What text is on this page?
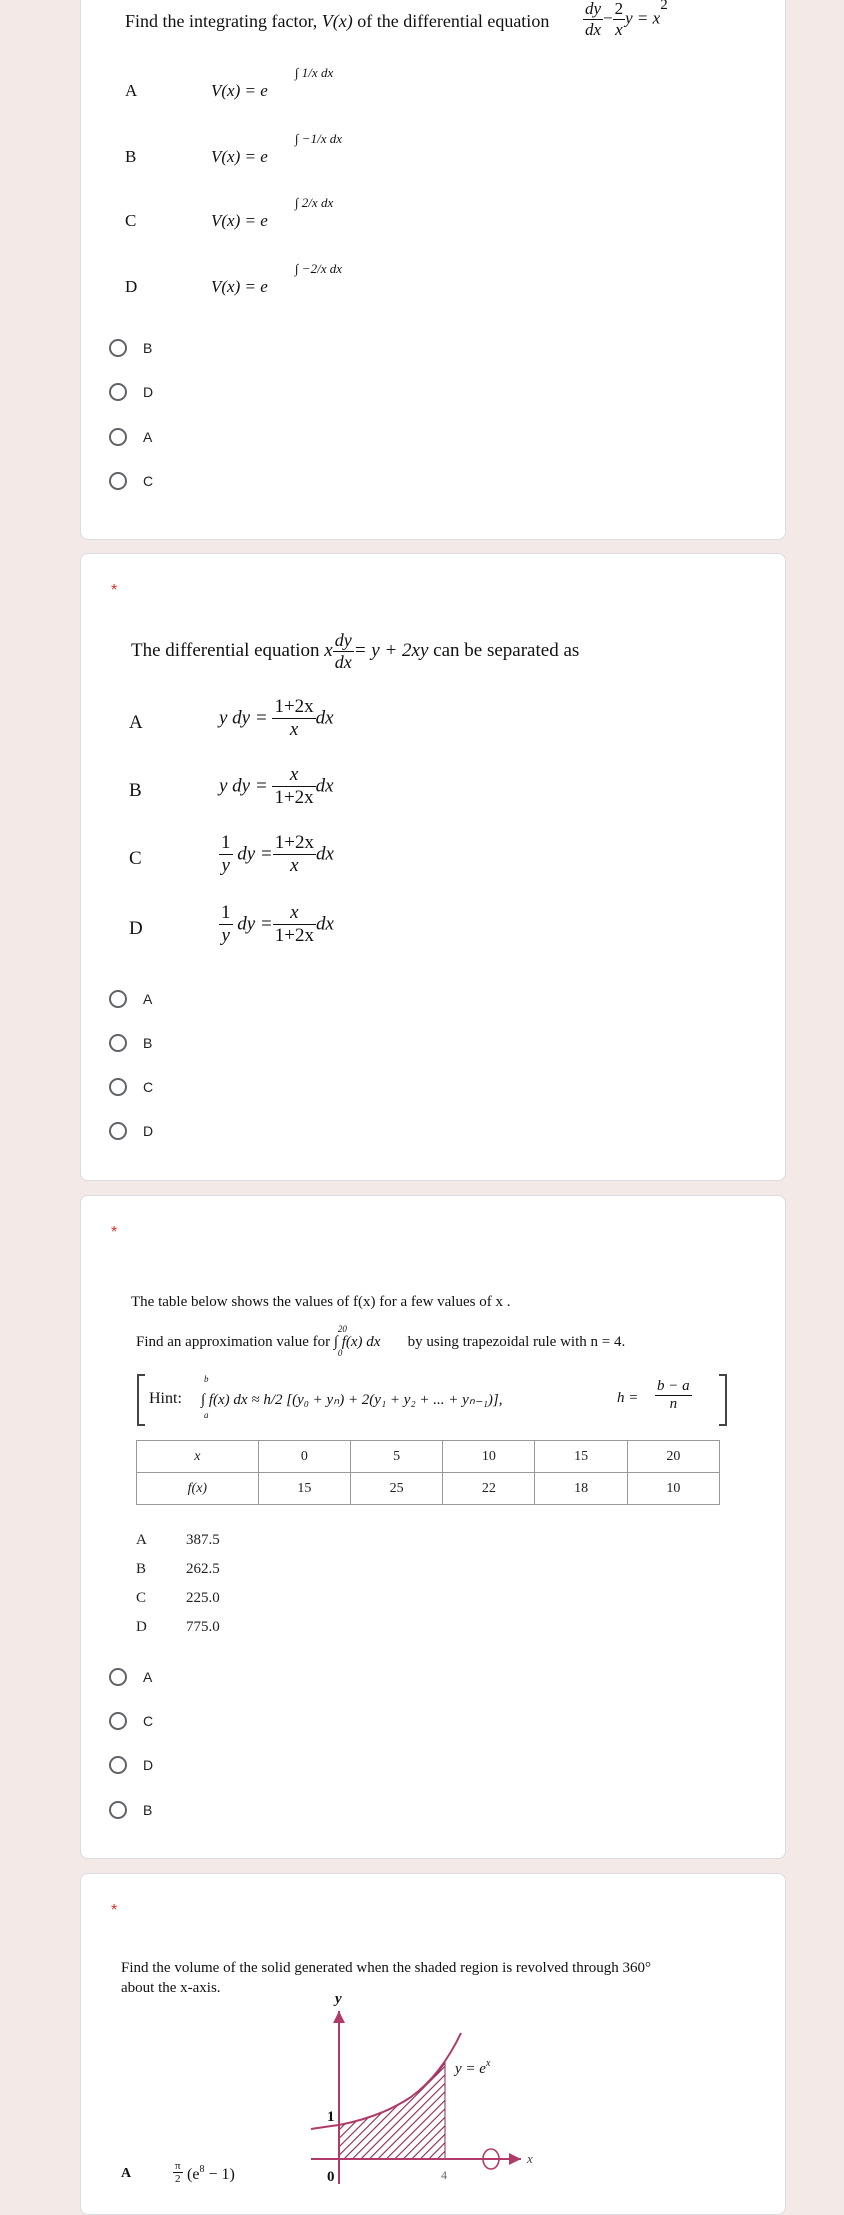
Find the integrating factor, V(x) of the differential equation $\frac{dy}{dx} - \frac{2}{x}$ y = x2
A	V(x) = e
∫ 1/x dx
B	V(x) = e
∫ −1/x dx
C	V(x) = e
∫ 2/x dx
D	V(x) = e
∫ −2/x dx
B
D
A
C
*
The differential equation x $\frac{dy}{dx} = y + 2xy$ can be separated as
A	y dy = $\frac{1+2x}{x}$ dx
B	y dy = $\frac{x}{1+2x}$ dx
C	$\frac{1}{y}$ dy = $\frac{1+2x}{x}$ dx
D	$\frac{1}{y}$ dy = $\frac{x}{1+2x}$ dx
A
B
C
D
*
The table below shows the values of f(x) for a few values of x .
Find an approximation value for
20
0
∫ f(x) dx by using trapezoidal rule with n = 4.
Hint:
b
a
∫ f(x) dx ≈ h/2 [(y₀ + yₙ) + 2(y₁ + y₂ + ... + yₙ₋₁)],	$h = \frac{b - a}{n}$
x	0	5	10	15	20
f(x)	15	25	22	18	10
A	387.5
B	262.5
C	225.0
D	775.0
A
C
D
B
*
Find the volume of the solid generated when the shaded region is revolved through 360°
about the x-axis.
y
x
1
0	4
$y = e^x$
A	$\frac{\pi}{2} (e^8 - 1)$
